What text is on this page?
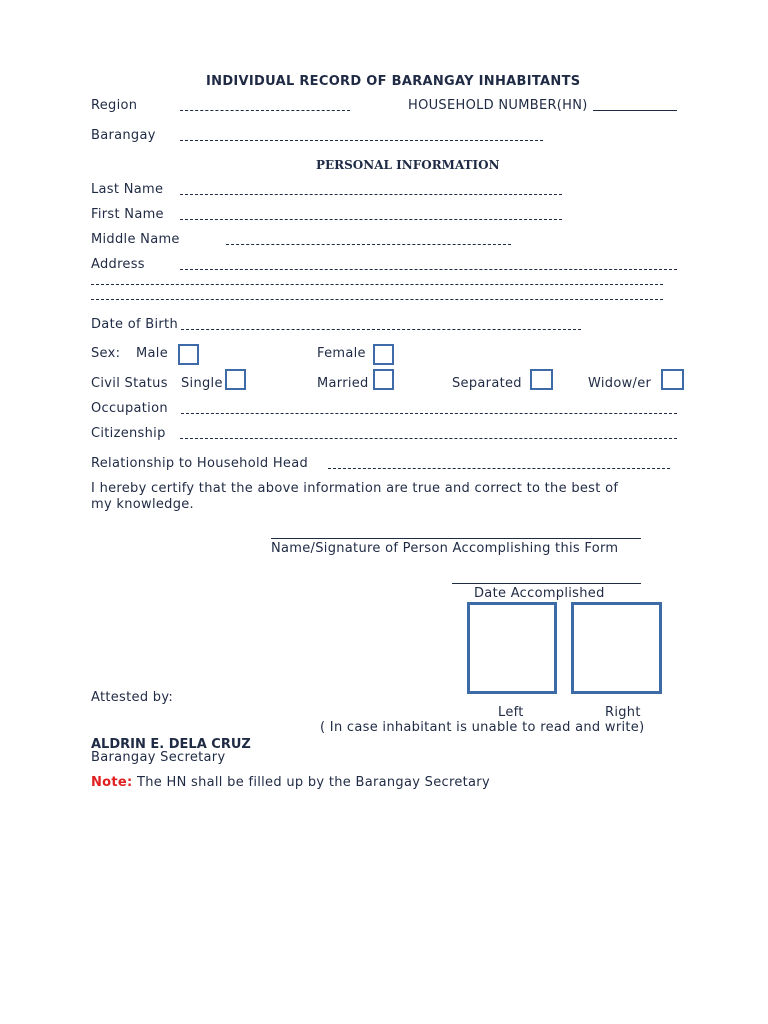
INDIVIDUAL RECORD OF BARANGAY INHABITANTS
Region	HOUSEHOLD NUMBER(HN)
Barangay
PERSONAL INFORMATION
Last Name
First Name
Middle Name
Address
Date of Birth
Sex: Male	Female
Civil Status Single	Married	Separated	Widow/er
Occupation
Citizenship
Relationship to Household Head
I hereby certify that the above information are true and correct to the best of
my knowledge.
Name/Signature of Person Accomplishing this Form
Date Accomplished
Left	Right
( In case inhabitant is unable to read and write)
Attested by:
ALDRIN E. DELA CRUZ
Barangay Secretary
Note: The HN shall be filled up by the Barangay Secretary
